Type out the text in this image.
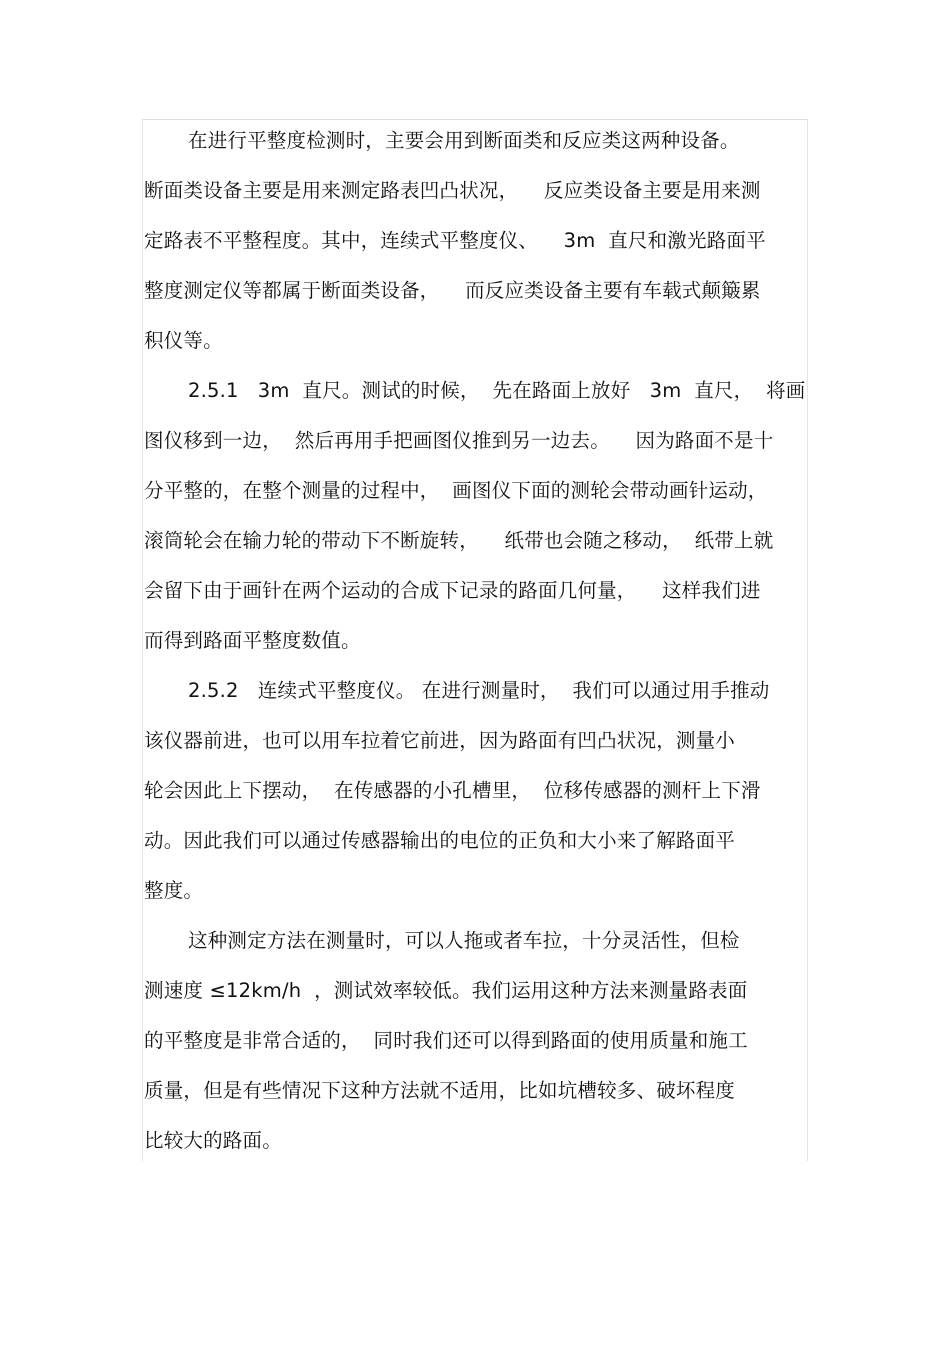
在进行平整度检测时，主要会用到断面类和反应类这两种设备。
断面类设备主要是用来测定路表凹凸状况，    反应类设备主要是用来测
定路表不平整程度。其中，连续式平整度仪、    3m  直尺和激光路面平
整度测定仪等都属于断面类设备，    而反应类设备主要有车载式颠簸累
积仪等。
2.5.1   3m  直尺。测试的时候，  先在路面上放好   3m  直尺，  将画
图仪移到一边，  然后再用手把画图仪推到另一边去。    因为路面不是十
分平整的，在整个测量的过程中，  画图仪下面的测轮会带动画针运动，
滚筒轮会在输力轮的带动下不断旋转，    纸带也会随之移动，  纸带上就
会留下由于画针在两个运动的合成下记录的路面几何量，    这样我们进
而得到路面平整度数值。
2.5.2   连续式平整度仪。 在进行测量时，  我们可以通过用手推动
该仪器前进，也可以用车拉着它前进，因为路面有凹凸状况，测量小
轮会因此上下摆动，  在传感器的小孔槽里，  位移传感器的测杆上下滑
动。因此我们可以通过传感器输出的电位的正负和大小来了解路面平
整度。
这种测定方法在测量时，可以人拖或者车拉，十分灵活性，但检
测速度 ≤12km/h  ，测试效率较低。我们运用这种方法来测量路表面
的平整度是非常合适的，  同时我们还可以得到路面的使用质量和施工
质量，但是有些情况下这种方法就不适用，比如坑槽较多、破坏程度
比较大的路面。
